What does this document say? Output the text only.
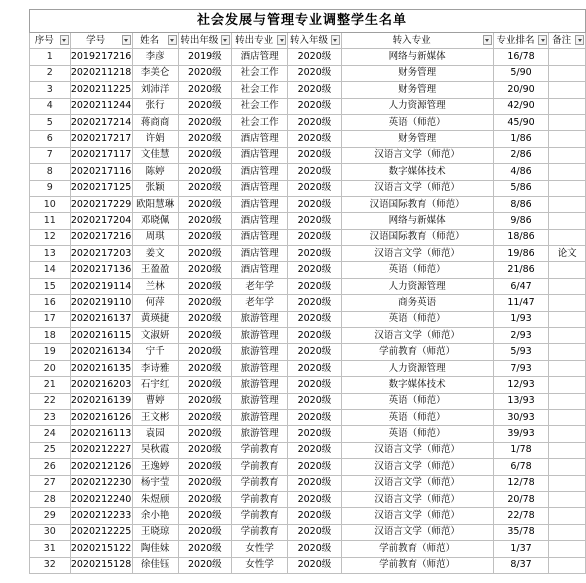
社会发展与管理专业调整学生名单								
序号	学号	姓名	转出年级	转出专业	转入年级	转入专业	专业排名	备注

1	2019217216	李彦	2019级	酒店管理	2020级	网络与新媒体	16/78	
2	2020211218	李美仑	2020级	社会工作	2020级	财务管理	5/90	
3	2020211225	刘沛洋	2020级	社会工作	2020级	财务管理	20/90	
4	2020211244	张行	2020级	社会工作	2020级	人力资源管理	42/90	
5	2020217214	蒋商商	2020级	社会工作	2020级	英语（师范）	45/90	
6	2020217217	许娟	2020级	酒店管理	2020级	财务管理	1/86	
7	2020217117	文佳慧	2020级	酒店管理	2020级	汉语言文学（师范）	2/86	
8	2020217116	陈婷	2020级	酒店管理	2020级	数字媒体技术	4/86	
9	2020217125	张颖	2020级	酒店管理	2020级	汉语言文学（师范）	5/86	
10	2020217229	欧阳慧琳	2020级	酒店管理	2020级	汉语国际教育（师范）	8/86	
11	2020217204	邓晓佩	2020级	酒店管理	2020级	网络与新媒体	9/86	
12	2020217216	周琪	2020级	酒店管理	2020级	汉语国际教育（师范）	18/86	
13	2020217203	姜文	2020级	酒店管理	2020级	汉语言文学（师范）	19/86	论文
14	2020217136	王盈盈	2020级	酒店管理	2020级	英语（师范）	21/86	
15	2020219114	兰林	2020级	老年学	2020级	人力资源管理	6/47	
16	2020219110	何萍	2020级	老年学	2020级	商务英语	11/47	
17	2020216137	黄瑛捷	2020级	旅游管理	2020级	英语（师范）	1/93	
18	2020216115	文淑妍	2020级	旅游管理	2020级	汉语言文学（师范）	2/93	
19	2020216134	宁千	2020级	旅游管理	2020级	学前教育（师范）	5/93	
20	2020216135	李诗雅	2020级	旅游管理	2020级	人力资源管理	7/93	
21	2020216203	石宇红	2020级	旅游管理	2020级	数字媒体技术	12/93	
22	2020216139	曹婷	2020级	旅游管理	2020级	英语（师范）	13/93	
23	2020216126	王文彬	2020级	旅游管理	2020级	英语（师范）	30/93	
24	2020216113	袁园	2020级	旅游管理	2020级	英语（师范）	39/93	
25	2020212227	吴秋霞	2020级	学前教育	2020级	汉语言文学（师范）	1/78	
26	2020212126	王逸婷	2020级	学前教育	2020级	汉语言文学（师范）	6/78	
27	2020212230	杨宇莹	2020级	学前教育	2020级	汉语言文学（师范）	12/78	
28	2020212240	朱煜颀	2020级	学前教育	2020级	汉语言文学（师范）	20/78	
29	2020212233	余小艳	2020级	学前教育	2020级	汉语言文学（师范）	22/78	
30	2020212225	王晓琼	2020级	学前教育	2020级	汉语言文学（师范）	35/78	
31	2020215122	陶佳妹	2020级	女性学	2020级	学前教育（师范）	1/37	
32	2020215128	徐佳钰	2020级	女性学	2020级	学前教育（师范）	8/37	
